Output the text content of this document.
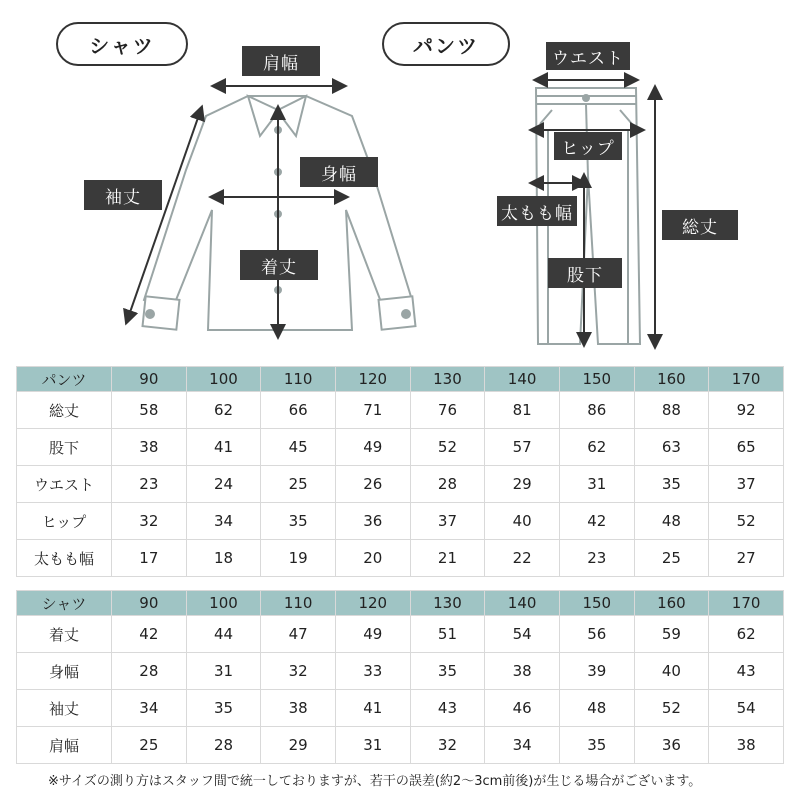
シャツ	パンツ
肩幅
袖丈
身幅
着丈
ウエスト
ヒップ
太もも幅
股下
総丈
パンツ	90	100	110	120	130	140	150	160	170
総丈	58	62	66	71	76	81	86	88	92
股下	38	41	45	49	52	57	62	63	65
ウエスト	23	24	25	26	28	29	31	35	37
ヒップ	32	34	35	36	37	40	42	48	52
太もも幅	17	18	19	20	21	22	23	25	27
シャツ	90	100	110	120	130	140	150	160	170
着丈	42	44	47	49	51	54	56	59	62
身幅	28	31	32	33	35	38	39	40	43
袖丈	34	35	38	41	43	46	48	52	54
肩幅	25	28	29	31	32	34	35	36	38
※サイズの測り方はスタッフ間で統一しておりますが、若干の誤差(約2～3cm前後)が生じる場合がございます。
